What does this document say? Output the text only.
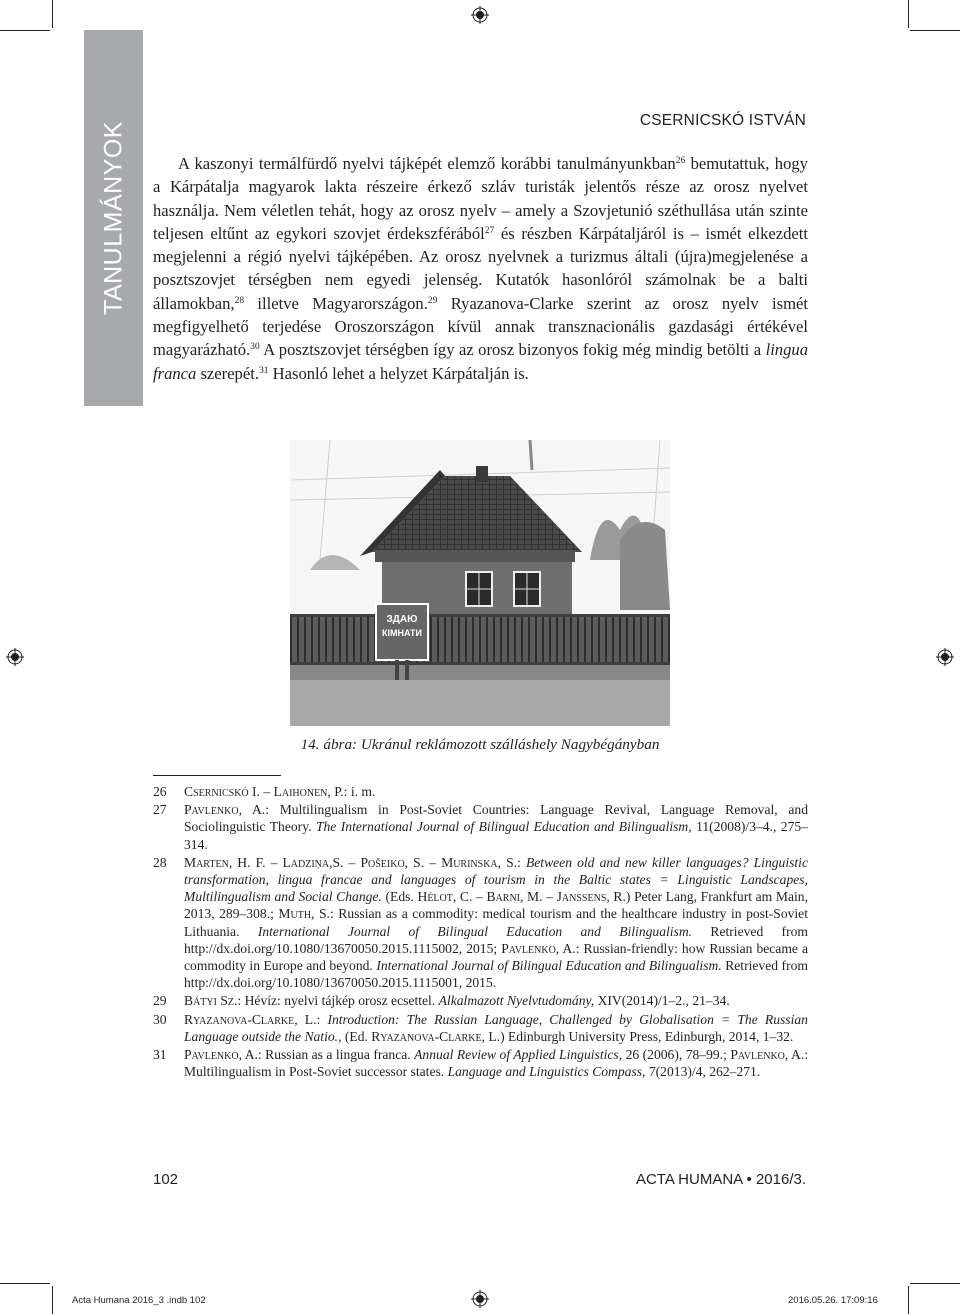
TANULMÁNYOK
CSERNICSKÓ ISTVÁN

A kaszonyi termálfürdő nyelvi tájképét elemző korábbi tanulmányunkban$^{26}$ bemutattuk, hogy a Kárpátalja magyarok lakta részeire érkező szláv turisták jelentős része az orosz nyelvet használja. Nem véletlen tehát, hogy az orosz nyelv – amely a Szovjetunió széthullása után szinte teljesen eltűnt az egykori szovjet érdekszférából$^{27}$ és részben Kárpátaljáról is – ismét elkezdett megjelenni a régió nyelvi tájképében. Az orosz nyelvnek a turizmus általi (újra)megjelenése a posztszovjet térségben nem egyedi jelenség. Kutatók hasonlóról számolnak be a balti államokban,$^{28}$ illetve Magyarországon.$^{29}$ Ryazanova-Clarke szerint az orosz nyelv ismét megfigyelhető terjedése Oroszországon kívül annak transznacionális gazdasági értékével magyarázható.$^{30}$ A posztszovjet térségben így az orosz bizonyos fokig még mindig betölti a lingua franca szerepét.$^{31}$ Hasonló lehet a helyzet Kárpátalján is.

ЗДАЮ
КІМНАТИ
14. ábra: Ukránul reklámozott szálláshely Nagybégányban
26	Csernicskó I. – Laihonen, P.: i. m.
27	Pavlenko, A.: Multilingualism in Post-Soviet Countries: Language Revival, Language Removal, and Sociolinguistic Theory. The International Journal of Bilingual Education and Bilingualism, 11(2008)/3–4., 275–314.
28	Marten, H. F. – Ladziņa,S. – Pošeiko, S. – Murinska, S.: Between old and new killer languages? Linguistic transformation, lingua francae and languages of tourism in the Baltic states = Linguistic Landscapes, Multilingualism and Social Change. (Eds. Hélot, C. – Barni, M. – Janssens, R.) Peter Lang, Frankfurt am Main, 2013, 289–308.; Muth, S.: Russian as a commodity: medical tourism and the healthcare industry in post-Soviet Lithuania. International Journal of Bilingual Education and Bilingualism. Retrieved from http://dx.doi.org/10.1080/13670050.2015.1115002, 2015; Pavlenko, A.: Russian-friendly: how Russian became a commodity in Europe and beyond. International Journal of Bilingual Education and Bilingualism. Retrieved from http://dx.doi.org/10.1080/13670050.2015.1115001, 2015.
29	Bátyi Sz.: Hévíz: nyelvi tájkép orosz ecsettel. Alkalmazott Nyelvtudomány, XIV(2014)/1–2., 21–34.
30	Ryazanova-Clarke, L.: Introduction: The Russian Language, Challenged by Globalisation = The Russian Language outside the Natio., (Ed. Ryazanova-Clarke, L.) Edinburgh University Press, Edinburgh, 2014, 1–32.
31	Pavlenko, A.: Russian as a lingua franca. Annual Review of Applied Linguistics, 26 (2006), 78–99.; Pavlenko, A.: Multilingualism in Post-Soviet successor states. Language and Linguistics Compass, 7(2013)/4, 262–271.
102	ACTA HUMANA • 2016/3.
Acta Humana 2016_3 .indb 102	2016.05.26. 17:09:16
